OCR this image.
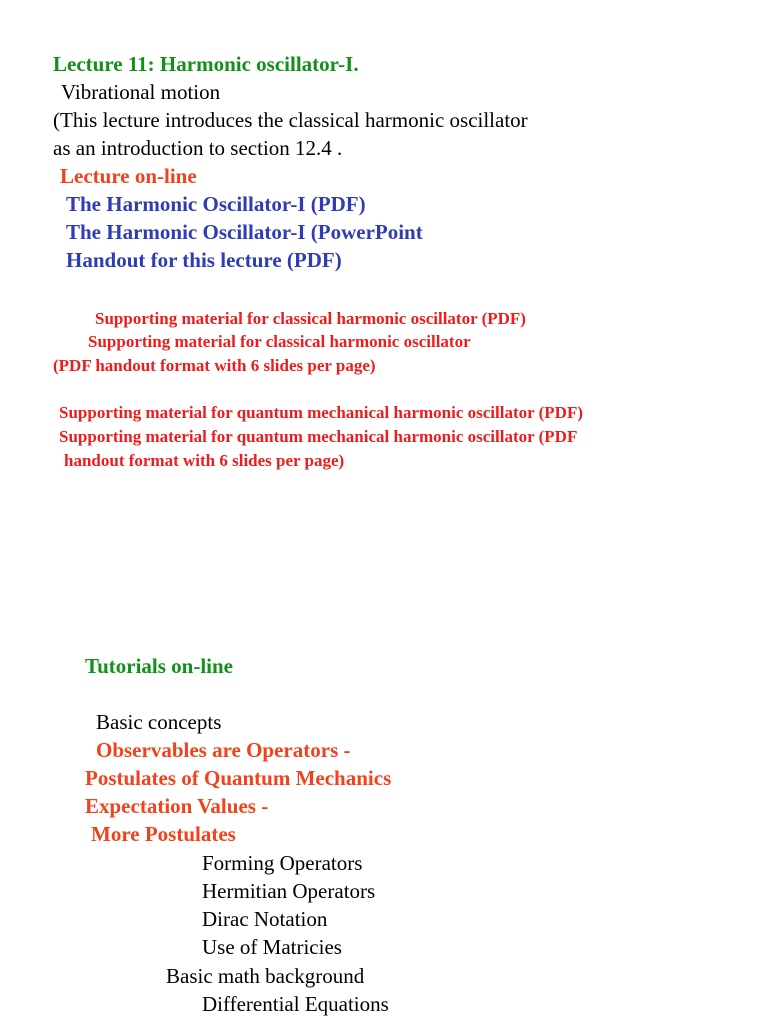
Lecture 11: Harmonic oscillator-I.
Vibrational motion
(This lecture introduces the classical harmonic oscillator
as an introduction to section 12.4 .
Lecture on-line
The Harmonic Oscillator-I (PDF)
The Harmonic Oscillator-I (PowerPoint
Handout for this lecture (PDF)
Supporting material for classical harmonic oscillator (PDF)
Supporting material for classical harmonic oscillator
(PDF handout format with 6 slides per page)
Supporting material for quantum mechanical harmonic oscillator (PDF)
Supporting material for quantum mechanical harmonic oscillator (PDF
handout format with 6 slides per page)
Tutorials on-line
Basic concepts
Observables are Operators -
Postulates of Quantum Mechanics
Expectation Values -
More Postulates
Forming Operators
Hermitian Operators
Dirac Notation
Use of Matricies
Basic math background
Differential Equations
